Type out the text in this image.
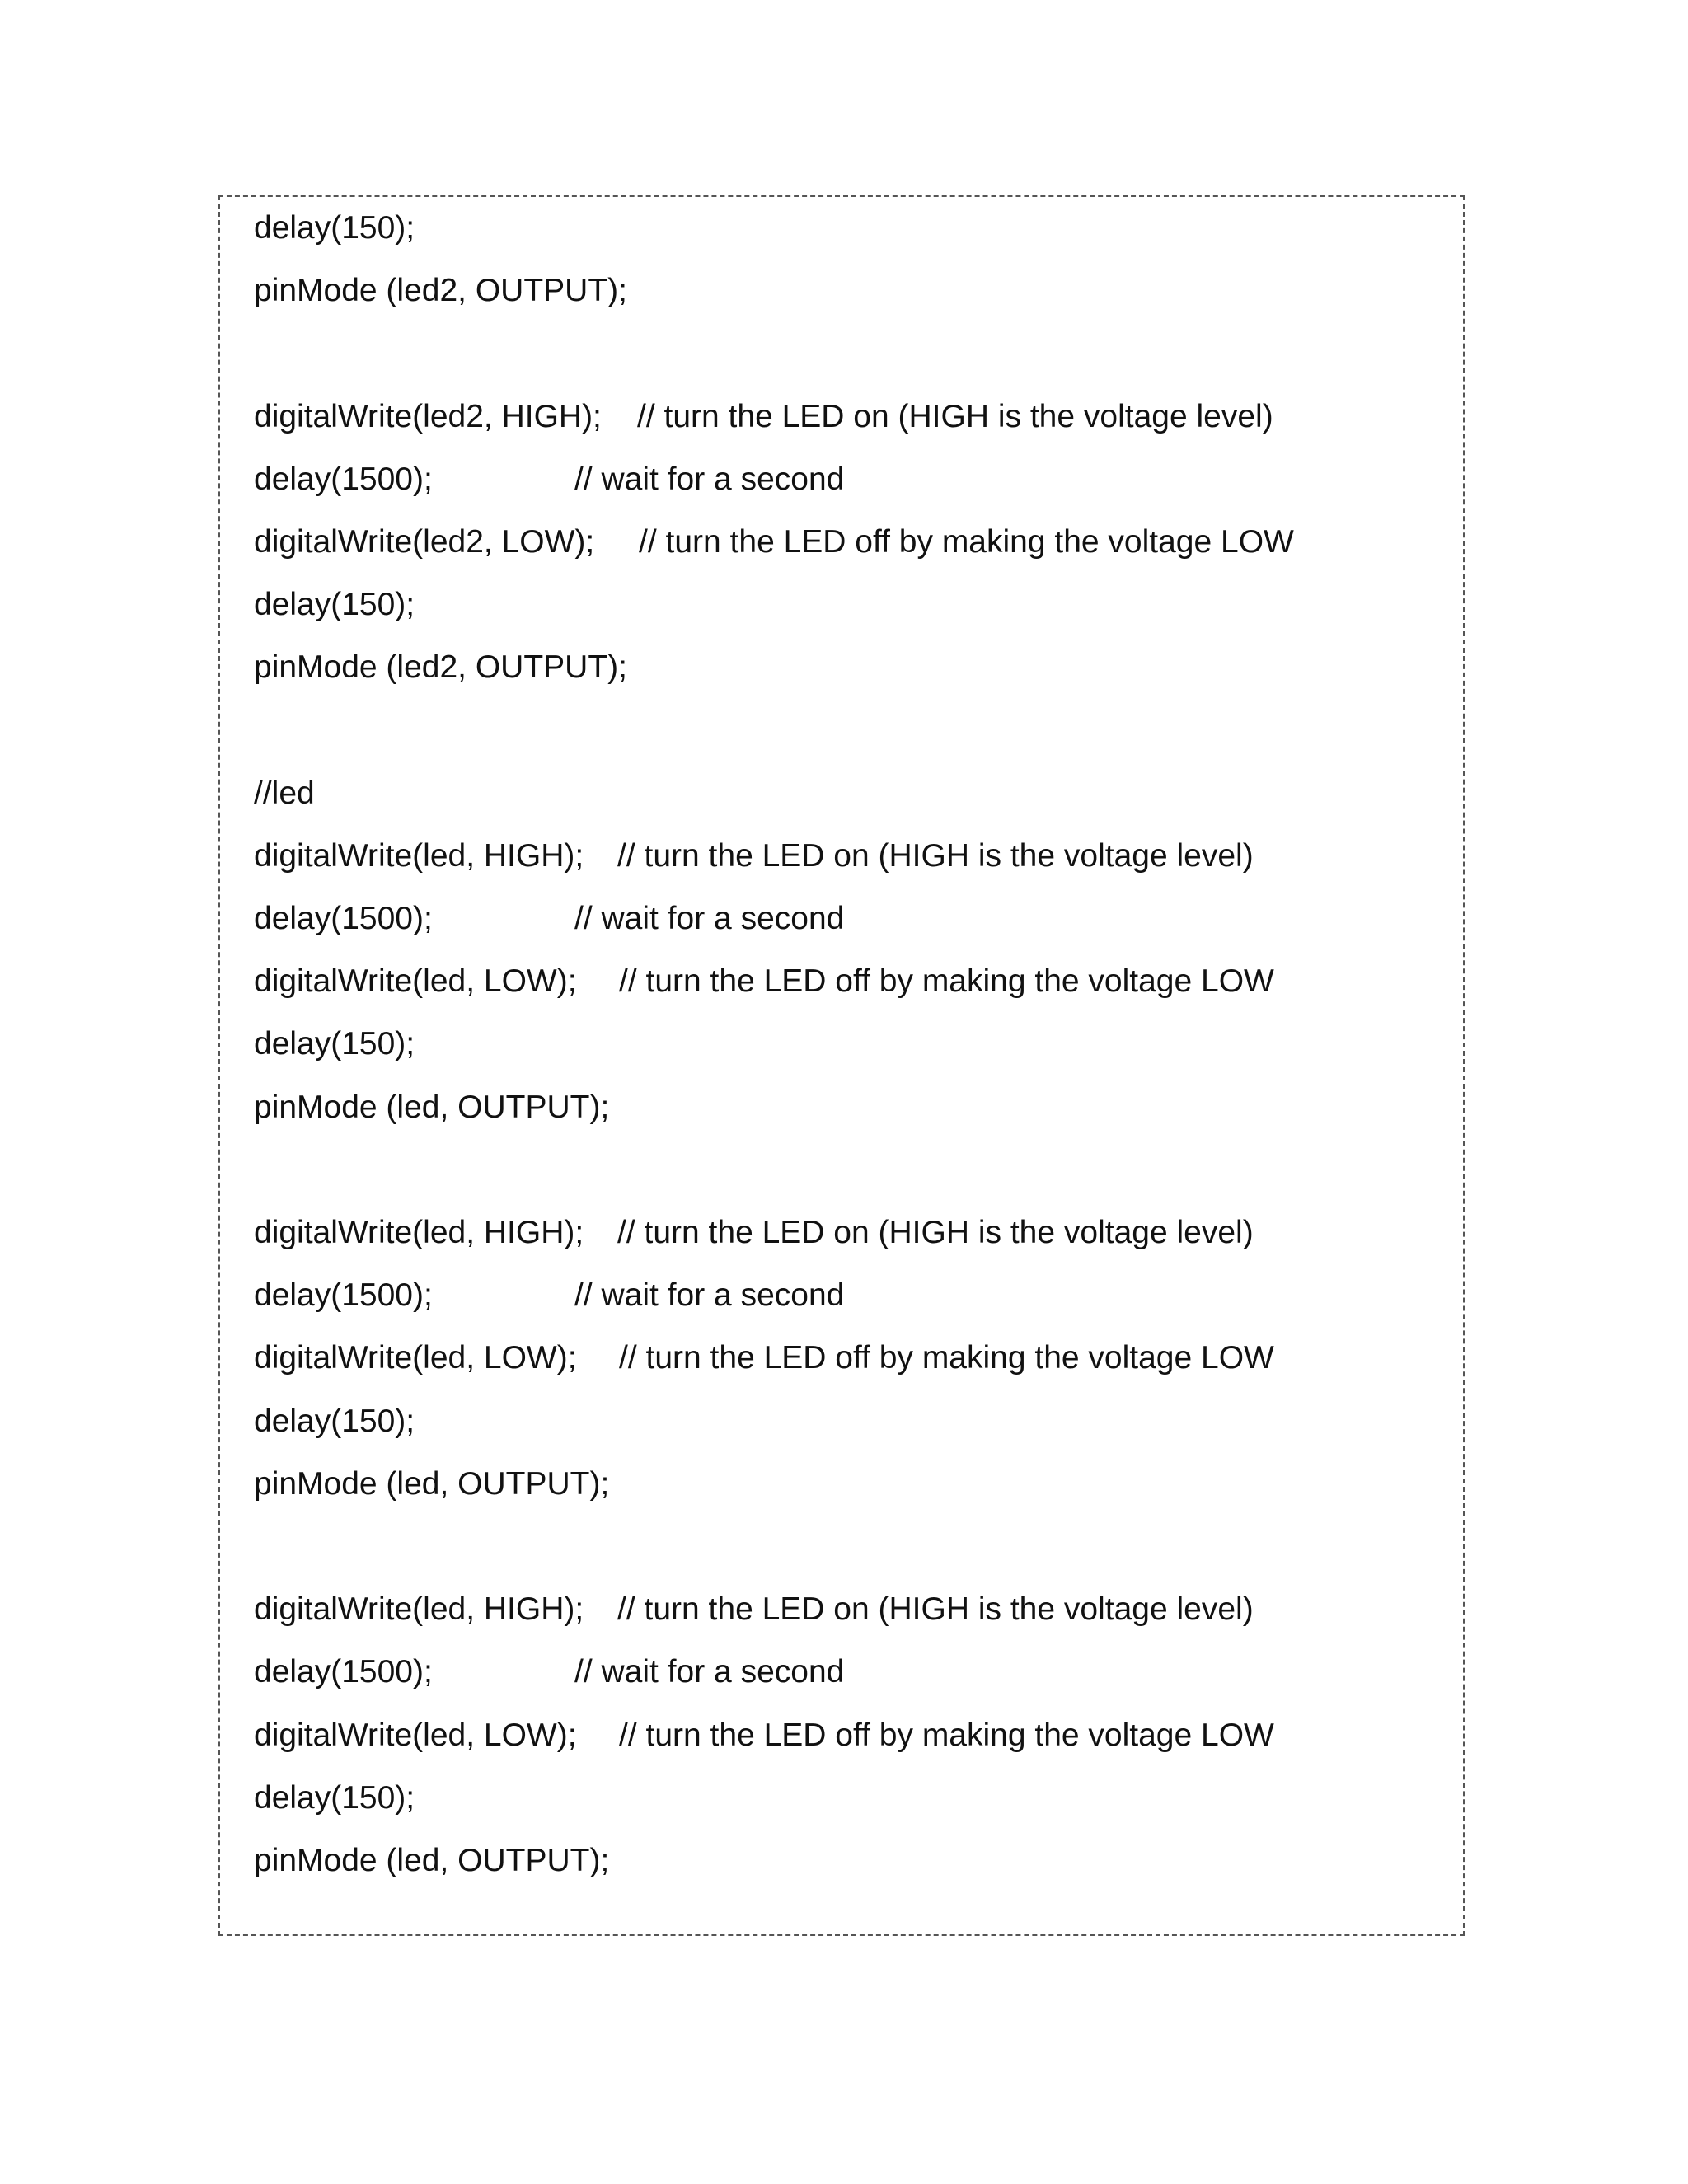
delay(150);

pinMode (led2, OUTPUT);

digitalWrite(led2, HIGH);

// turn the LED on (HIGH is the voltage level)

delay(1500);

	// wait for a second

digitalWrite(led2, LOW);

// turn the LED off by making the voltage LOW

delay(150);

pinMode (led2, OUTPUT);

//led

digitalWrite(led, HIGH);

// turn the LED on (HIGH is the voltage level)

delay(1500);

	// wait for a second

digitalWrite(led, LOW);

// turn the LED off by making the voltage LOW

delay(150);

pinMode (led, OUTPUT);

digitalWrite(led, HIGH);

// turn the LED on (HIGH is the voltage level)

delay(1500);

	// wait for a second

digitalWrite(led, LOW);

// turn the LED off by making the voltage LOW

delay(150);

pinMode (led, OUTPUT);

digitalWrite(led, HIGH);

// turn the LED on (HIGH is the voltage level)

delay(1500);

	// wait for a second

digitalWrite(led, LOW);

// turn the LED off by making the voltage LOW

delay(150);

pinMode (led, OUTPUT);
